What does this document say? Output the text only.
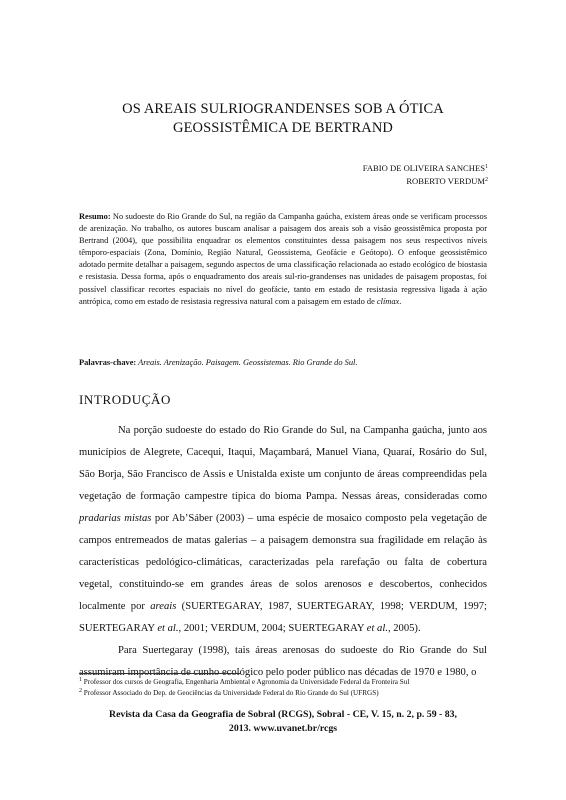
OS AREAIS SULRIOGRANDENSES SOB A ÓTICA
GEOSSISTÊMICA DE BERTRAND
FABIO DE OLIVEIRA SANCHES$^1$
ROBERTO VERDUM$^2$
Resumo: No sudoeste do Rio Grande do Sul, na região da Campanha gaúcha, existem áreas onde se verificam processos de arenização. No trabalho, os autores buscam analisar a paisagem dos areais sob a visão geossistêmica proposta por Bertrand (2004), que possibilita enquadrar os elementos constituintes dessa paisagem nos seus respectivos níveis têmporo-espaciais (Zona, Domínio, Região Natural, Geossistema, Geofácie e Geótopo). O enfoque geossistêmico adotado permite detalhar a paisagem, segundo aspectos de uma classificação relacionada ao estado ecológico de biostasia e resistasia. Dessa forma, após o enquadramento dos areais sul-rio-grandenses nas unidades de paisagem propostas, foi possível classificar recortes espaciais no nível do geofácie, tanto em estado de resistasia regressiva ligada à ação antrópica, como em estado de resistasia regressiva natural com a paisagem em estado de clímax.
Palavras-chave: Areais. Arenização. Paisagem. Geossistemas. Rio Grande do Sul.
INTRODUÇÃO

Na porção sudoeste do estado do Rio Grande do Sul, na Campanha gaúcha, junto aos municípios de Alegrete, Cacequi, Itaqui, Maçambará, Manuel Viana, Quaraí, Rosário do Sul, São Borja, São Francisco de Assis e Unistalda existe um conjunto de áreas compreendidas pela vegetação de formação campestre típica do bioma Pampa. Nessas áreas, consideradas como pradarias mistas por Ab’Sáber (2003) – uma espécie de mosaico composto pela vegetação de campos entremeados de matas galerias – a paisagem demonstra sua fragilidade em relação às características pedológico-climáticas, caracterizadas pela rarefação ou falta de cobertura vegetal, constituindo-se em grandes áreas de solos arenosos e descobertos, conhecidos localmente por areais (SUERTEGARAY, 1987, SUERTEGARAY, 1998; VERDUM, 1997; SUERTEGARAY et al., 2001; VERDUM, 2004; SUERTEGARAY et al., 2005).

Para Suertegaray (1998), tais áreas arenosas do sudoeste do Rio Grande do Sul assumiram importância de cunho ecológico pelo poder público nas décadas de 1970 e 1980, o

$^1$ Professor dos cursos de Geografia, Engenharia Ambiental e Agronomia da Universidade Federal da Fronteira Sul
$^2$ Professor Associado do Dep. de Geociências da Universidade Federal do Rio Grande do Sul (UFRGS)
Revista da Casa da Geografia de Sobral (RCGS), Sobral - CE, V. 15, n. 2, p. 59 - 83,
2013. www.uvanet.br/rcgs
